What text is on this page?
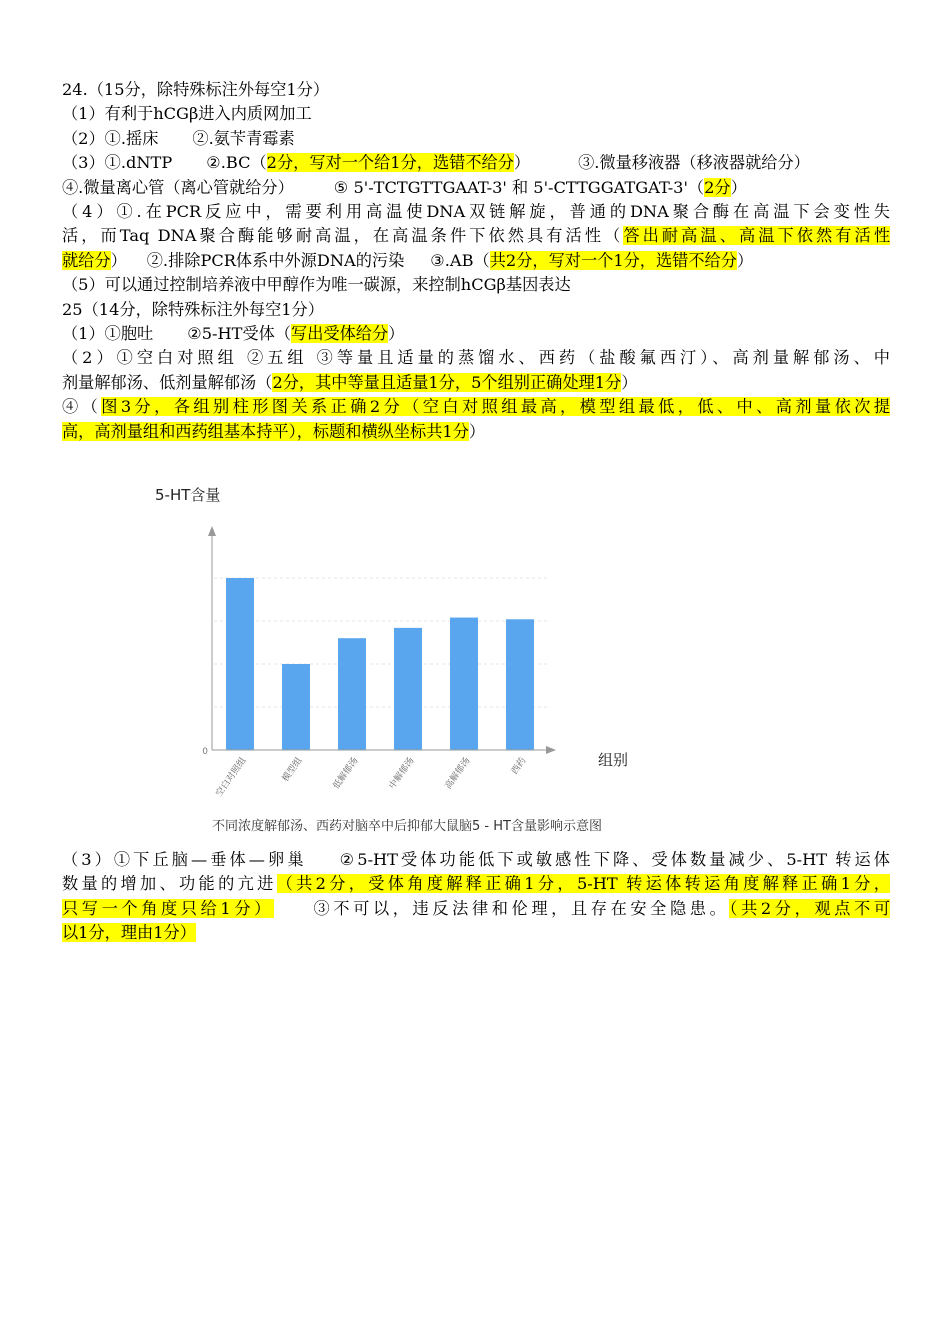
24.（15分，除特殊标注外每空1分）
（1）有利于hCGβ进入内质网加工
（2）①.摇床 ②.氨苄青霉素
（3）①.dNTP ②.BC（2分，写对一个给1分，选错不给分）	③.微量移液器（移液器就给分）
④.微量离心管（离心管就给分） ⑤ 5'-TCTGTTGAAT-3' 和 5'-CTTGGATGAT-3'（2分）
（4）①.在PCR反应中，需要利用高温使DNA双链解旋，普通的DNA聚合酶在高温下会变性失
活，而Taq DNA聚合酶能够耐高温，在高温条件下依然具有活性（答出耐高温、高温下依然有活性
就给分） ②.排除PCR体系中外源DNA的污染 ③.AB（共2分，写对一个1分，选错不给分）
（5）可以通过控制培养液中甲醇作为唯一碳源，来控制hCGβ基因表达
25（14分，除特殊标注外每空1分）
（1）①胞吐 ②5-HT受体（写出受体给分）
（2）①空白对照组 ②五组 ③等量且适量的蒸馏水、西药（盐酸氟西汀）、高剂量解郁汤、中
剂量解郁汤、低剂量解郁汤（2分，其中等量且适量1分，5个组别正确处理1分）
④（图3分，各组别柱形图关系正确2分（空白对照组最高，模型组最低，低、中、高剂量依次提
高，高剂量组和西药组基本持平），标题和横纵坐标共1分）
5-HT含量
组别
0
空白对照组	模型组	低解郁汤	中解郁汤	高解郁汤	西药
不同浓度解郁汤、西药对脑卒中后抑郁大鼠脑5 - HT含量影响示意图
（3）①下丘脑—垂体—卵巢 ②5-HT受体功能低下或敏感性下降、受体数量减少、5-HT 转运体
数量的增加、功能的亢进（共2分，受体角度解释正确1分，5-HT 转运体转运角度解释正确1分，
只写一个角度只给1分） ③不可以，违反法律和伦理，且存在安全隐患。（共2分，观点不可
以1分，理由1分）
